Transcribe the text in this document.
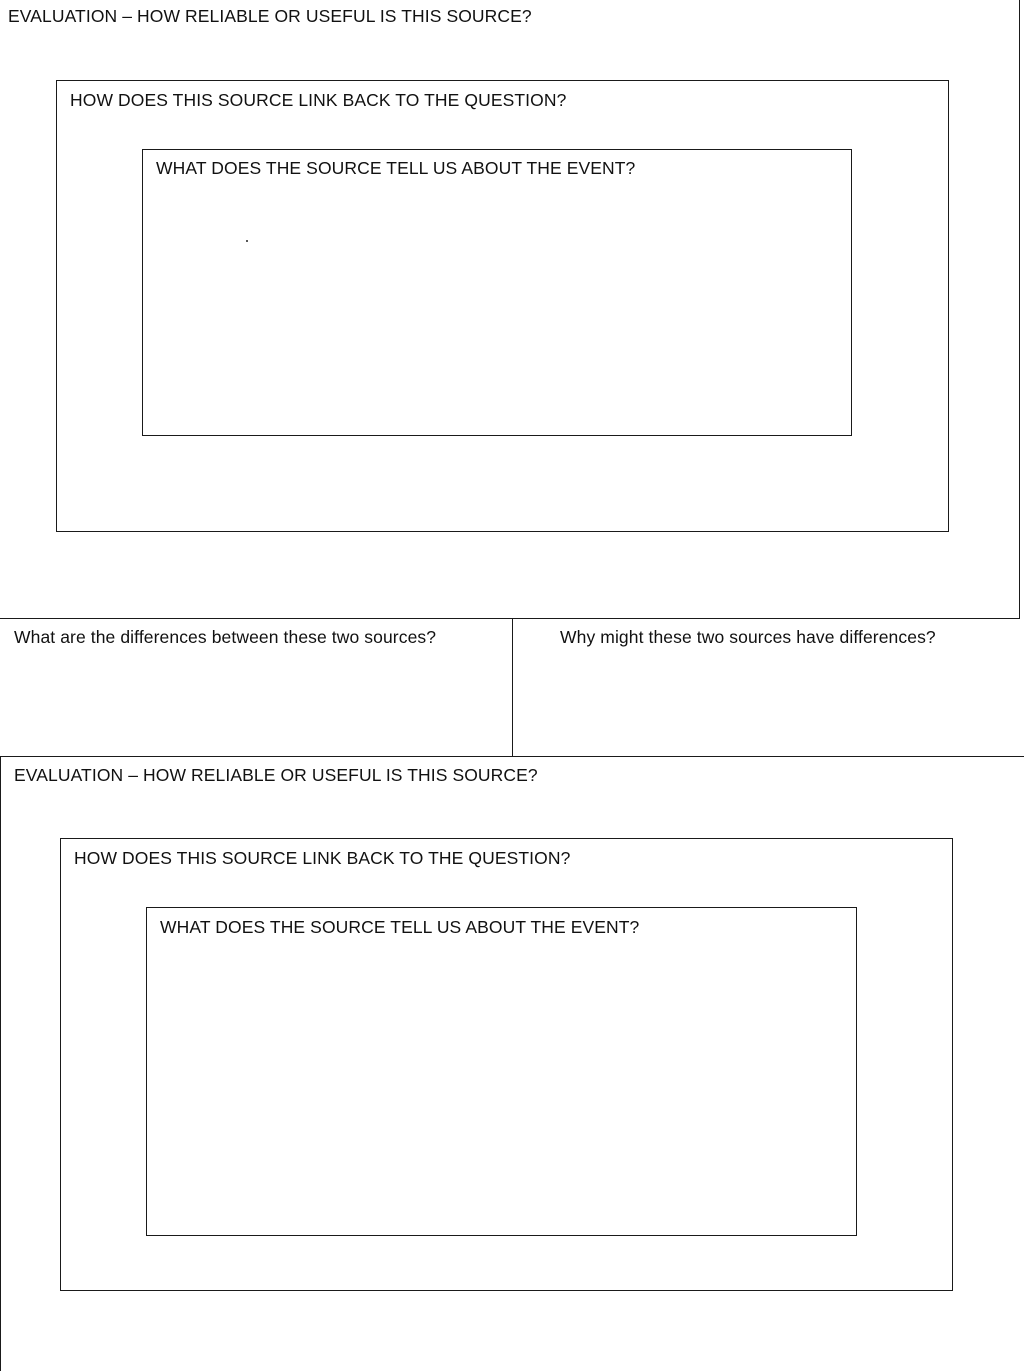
EVALUATION – HOW RELIABLE OR USEFUL IS THIS SOURCE?
HOW DOES THIS SOURCE LINK BACK TO THE QUESTION?
WHAT DOES THE SOURCE TELL US ABOUT THE EVENT?
What are the differences between these two sources?	Why might these two sources have differences?
EVALUATION – HOW RELIABLE OR USEFUL IS THIS SOURCE?
HOW DOES THIS SOURCE LINK BACK TO THE QUESTION?
WHAT DOES THE SOURCE TELL US ABOUT THE EVENT?
